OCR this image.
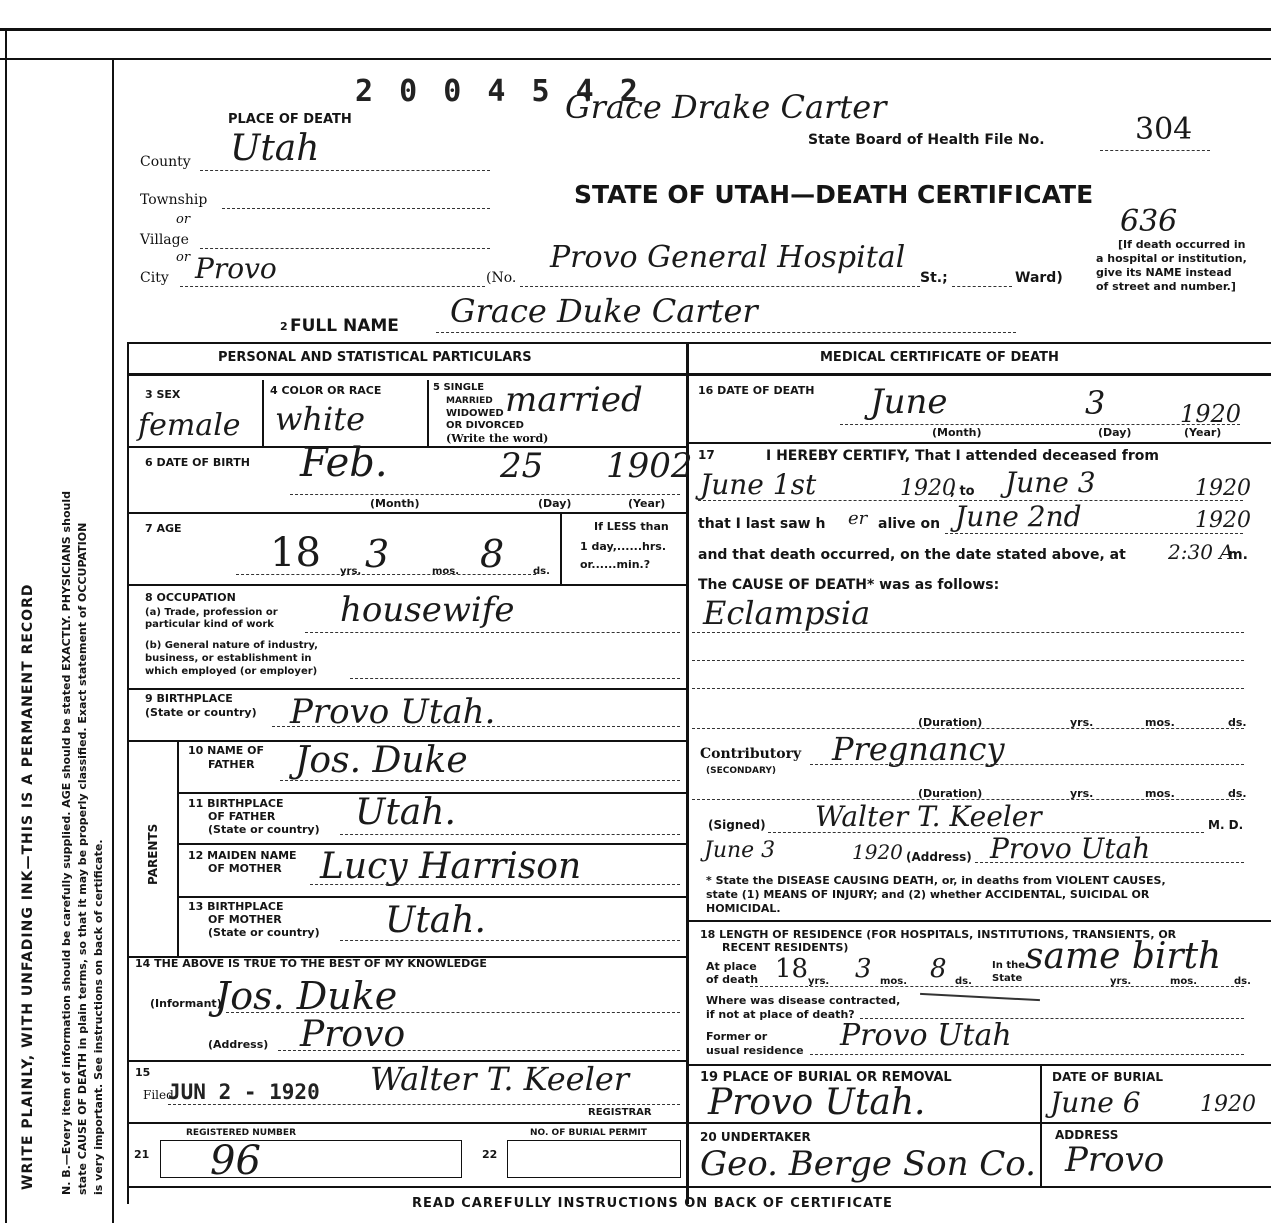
WRITE PLAINLY, WITH UNFADING INK—THIS IS A PERMANENT RECORD N. B.—Every item of information should be carefully supplied. AGE should be stated EXACTLY. PHYSICIANS should state CAUSE OF DEATH in plain terms, so that it may be properly classified. Exact statement of OCCUPATION is very important. See instructions on back of certificate.
2 0 0 4 5 4 2
Grace Drake Carter
PLACE OF DEATH
State Board of Health File No.	304
County Utah
STATE OF UTAH—DEATH CERTIFICATE
Township
or
Village
or
636
[If death occurred in
a hospital or institution,
give its NAME instead
of street and number.]
City Provo	(No.
Provo General Hospital
St.;	Ward)
2 FULL NAME Grace Duke Carter
PERSONAL AND STATISTICAL PARTICULARS	MEDICAL CERTIFICATE OF DEATH
3 SEX
female
4 COLOR OR RACE
white
5 SINGLE
MARRIED
WIDOWED
OR DIVORCED
(Write the word)
married
6 DATE OF BIRTH Feb.	25 1902
(Month)	(Day)	(Year)
7 AGE
18 3 8
yrs.	mos.	ds.
If LESS than
1 day,......hrs.
or......min.?
8 OCCUPATION
(a) Trade, profession or
particular kind of work housewife
(b) General nature of industry,
business, or establishment in
which employed (or employer)
9 BIRTHPLACE
(State or country) Provo Utah.
PARENTS
10 NAME OF
FATHER Jos. Duke
11 BIRTHPLACE
OF FATHER
(State or country) Utah.
12 MAIDEN NAME
OF MOTHER Lucy Harrison
13 BIRTHPLACE
OF MOTHER
(State or country) Utah.
14 THE ABOVE IS TRUE TO THE BEST OF MY KNOWLEDGE
(Informant)
Jos. Duke
(Address) Provo
15
Filed
JUN 2 - 1920 Walter T. Keeler
REGISTRAR
REGISTERED NUMBER
21 96
NO. OF BURIAL PERMIT
22
16 DATE OF DEATH June	3	1920
(Month)	(Day)	(Year)
17	I HEREBY CERTIFY, That I attended deceased from
June 1st	1920
, to June 3	1920
that I last saw h er alive on June 2nd	1920
and that death occurred, on the date stated above, at 2:30 A
m.
The CAUSE OF DEATH* was as follows:
Eclampsia
(Duration)	yrs.	mos.	ds.
Contributory
(SECONDARY)
Pregnancy
(Duration)	yrs.	mos.	ds.
(Signed) Walter T. Keeler	M. D.
June 3	1920 (Address) Provo Utah
* State the DISEASE CAUSING DEATH, or, in deaths from VIOLENT CAUSES,
state (1) MEANS OF INJURY; and (2) whether ACCIDENTAL, SUICIDAL OR
HOMICIDAL.
18 LENGTH OF RESIDENCE (FOR HOSPITALS, INSTITUTIONS, TRANSIENTS, OR
RECENT RESIDENTS)
At place
of death 18 yrs. 3 mos. 8 ds.
In the
State
same birth
yrs.	mos.	ds.
Where was disease contracted,
if not at place of death?
Former or
usual residence Provo Utah
19 PLACE OF BURIAL OR REMOVAL
Provo Utah.
DATE OF BURIAL
June 6	1920
20 UNDERTAKER
Geo. Berge Son Co.
ADDRESS
Provo
READ CAREFULLY INSTRUCTIONS ON BACK OF CERTIFICATE
